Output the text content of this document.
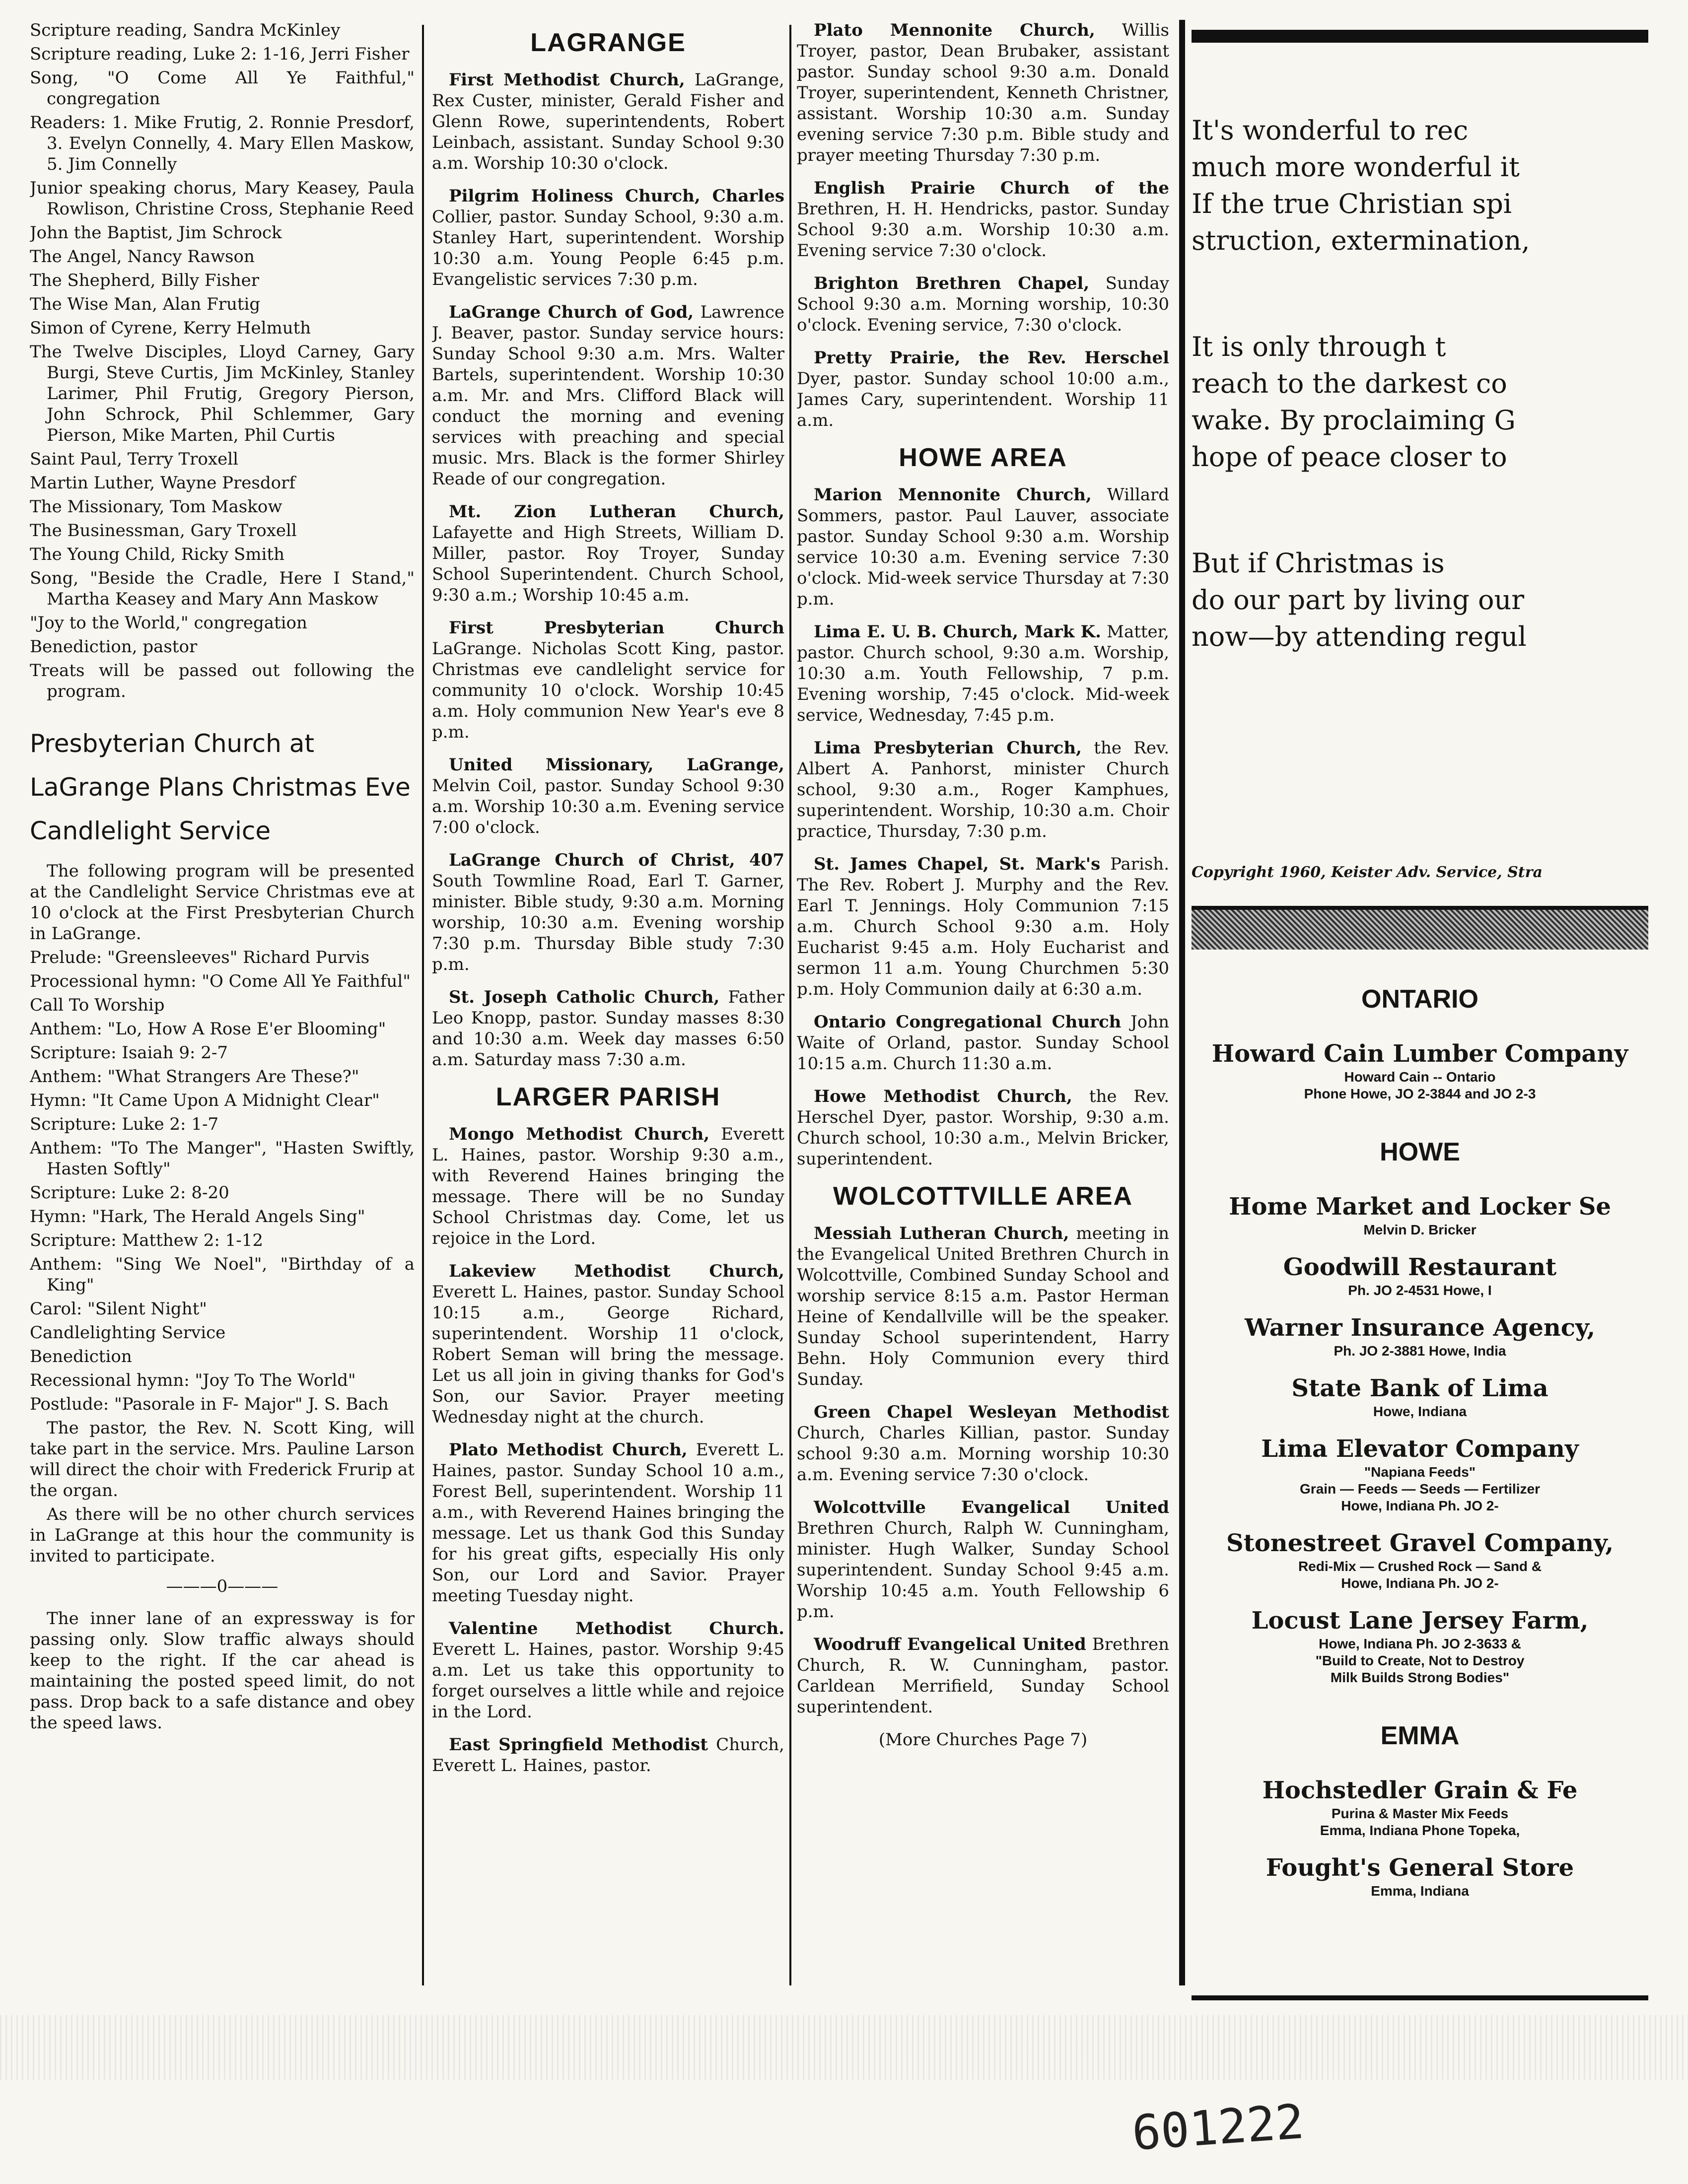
Scripture reading, Sandra McKinley
Scripture reading, Luke 2: 1-16, Jerri Fisher
Song, "O Come All Ye Faithful," congregation
Readers: 1. Mike Frutig, 2. Ronnie Presdorf, 3. Evelyn Connelly, 4. Mary Ellen Maskow, 5. Jim Connelly
Junior speaking chorus, Mary Keasey, Paula Rowlison, Christine Cross, Stephanie Reed
John the Baptist, Jim Schrock
The Angel, Nancy Rawson
The Shepherd, Billy Fisher
The Wise Man, Alan Frutig
Simon of Cyrene, Kerry Helmuth
The Twelve Disciples, Lloyd Carney, Gary Burgi, Steve Curtis, Jim McKinley, Stanley Larimer, Phil Frutig, Gregory Pierson, John Schrock, Phil Schlemmer, Gary Pierson, Mike Marten, Phil Curtis
Saint Paul, Terry Troxell
Martin Luther, Wayne Presdorf
The Missionary, Tom Maskow
The Businessman, Gary Troxell
The Young Child, Ricky Smith
Song, "Beside the Cradle, Here I Stand," Martha Keasey and Mary Ann Maskow
"Joy to the World," congregation
Benediction, pastor
Treats will be passed out following the program.
Presbyterian Church at LaGrange Plans Christmas Eve Candlelight Service
The following program will be presented at the Candlelight Service Christmas eve at 10 o'clock at the First Presbyterian Church in LaGrange.
Prelude: "Greensleeves" Richard Purvis
Processional hymn: "O Come All Ye Faithful"
Call To Worship
Anthem: "Lo, How A Rose E'er Blooming"
Scripture: Isaiah 9: 2-7
Anthem: "What Strangers Are These?"
Hymn: "It Came Upon A Midnight Clear"
Scripture: Luke 2: 1-7
Anthem: "To The Manger", "Hasten Swiftly, Hasten Softly"
Scripture: Luke 2: 8-20
Hymn: "Hark, The Herald Angels Sing"
Scripture: Matthew 2: 1-12
Anthem: "Sing We Noel", "Birthday of a King"
Carol: "Silent Night"
Candlelighting Service
Benediction
Recessional hymn: "Joy To The World"
Postlude: "Pasorale in F- Major" J. S. Bach
The pastor, the Rev. N. Scott King, will take part in the service. Mrs. Pauline Larson will direct the choir with Frederick Frurip at the organ.
As there will be no other church services in LaGrange at this hour the community is invited to participate.
———0———
The inner lane of an expressway is for passing only. Slow traffic always should keep to the right. If the car ahead is maintaining the posted speed limit, do not pass. Drop back to a safe distance and obey the speed laws.
LAGRANGE
First Methodist Church, LaGrange, Rex Custer, minister, Gerald Fisher and Glenn Rowe, superintendents, Robert Leinbach, assistant. Sunday School 9:30 a.m. Worship 10:30 o'clock.
Pilgrim Holiness Church, Charles Collier, pastor. Sunday School, 9:30 a.m. Stanley Hart, superintendent. Worship 10:30 a.m. Young People 6:45 p.m. Evangelistic services 7:30 p.m.
LaGrange Church of God, Lawrence J. Beaver, pastor. Sunday service hours: Sunday School 9:30 a.m. Mrs. Walter Bartels, superintendent. Worship 10:30 a.m. Mr. and Mrs. Clifford Black will conduct the morning and evening services with preaching and special music. Mrs. Black is the former Shirley Reade of our congregation.
Mt. Zion Lutheran Church, Lafayette and High Streets, William D. Miller, pastor. Roy Troyer, Sunday School Superintendent. Church School, 9:30 a.m.; Worship 10:45 a.m.
First Presbyterian Church LaGrange. Nicholas Scott King, pastor. Christmas eve candlelight service for community 10 o'clock. Worship 10:45 a.m. Holy communion New Year's eve 8 p.m.
United Missionary, LaGrange, Melvin Coil, pastor. Sunday School 9:30 a.m. Worship 10:30 a.m. Evening service 7:00 o'clock.
LaGrange Church of Christ, 407 South Towmline Road, Earl T. Garner, minister. Bible study, 9:30 a.m. Morning worship, 10:30 a.m. Evening worship 7:30 p.m. Thursday Bible study 7:30 p.m.
St. Joseph Catholic Church, Father Leo Knopp, pastor. Sunday masses 8:30 and 10:30 a.m. Week day masses 6:50 a.m. Saturday mass 7:30 a.m.
LARGER PARISH
Mongo Methodist Church, Everett L. Haines, pastor. Worship 9:30 a.m., with Reverend Haines bringing the message. There will be no Sunday School Christmas day. Come, let us rejoice in the Lord.
Lakeview Methodist Church, Everett L. Haines, pastor. Sunday School 10:15 a.m., George Richard, superintendent. Worship 11 o'clock, Robert Seman will bring the message. Let us all join in giving thanks for God's Son, our Savior. Prayer meeting Wednesday night at the church.
Plato Methodist Church, Everett L. Haines, pastor. Sunday School 10 a.m., Forest Bell, superintendent. Worship 11 a.m., with Reverend Haines bringing the message. Let us thank God this Sunday for his great gifts, especially His only Son, our Lord and Savior. Prayer meeting Tuesday night.
Valentine Methodist Church. Everett L. Haines, pastor. Worship 9:45 a.m. Let us take this opportunity to forget ourselves a little while and rejoice in the Lord.
East Springfield Methodist Church, Everett L. Haines, pastor.
Plato Mennonite Church, Willis Troyer, pastor, Dean Brubaker, assistant pastor. Sunday school 9:30 a.m. Donald Troyer, superintendent, Kenneth Christner, assistant. Worship 10:30 a.m. Sunday evening service 7:30 p.m. Bible study and prayer meeting Thursday 7:30 p.m.
English Prairie Church of the Brethren, H. H. Hendricks, pastor. Sunday School 9:30 a.m. Worship 10:30 a.m. Evening service 7:30 o'clock.
Brighton Brethren Chapel, Sunday School 9:30 a.m. Morning worship, 10:30 o'clock. Evening service, 7:30 o'clock.
Pretty Prairie, the Rev. Herschel Dyer, pastor. Sunday school 10:00 a.m., James Cary, superintendent. Worship 11 a.m.
HOWE AREA
Marion Mennonite Church, Willard Sommers, pastor. Paul Lauver, associate pastor. Sunday School 9:30 a.m. Worship service 10:30 a.m. Evening service 7:30 o'clock. Mid-week service Thursday at 7:30 p.m.
Lima E. U. B. Church, Mark K. Matter, pastor. Church school, 9:30 a.m. Worship, 10:30 a.m. Youth Fellowship, 7 p.m. Evening worship, 7:45 o'clock. Mid-week service, Wednesday, 7:45 p.m.
Lima Presbyterian Church, the Rev. Albert A. Panhorst, minister Church school, 9:30 a.m., Roger Kamphues, superintendent. Worship, 10:30 a.m. Choir practice, Thursday, 7:30 p.m.
St. James Chapel, St. Mark's Parish. The Rev. Robert J. Murphy and the Rev. Earl T. Jennings. Holy Communion 7:15 a.m. Church School 9:30 a.m. Holy Eucharist 9:45 a.m. Holy Eucharist and sermon 11 a.m. Young Churchmen 5:30 p.m. Holy Communion daily at 6:30 a.m.
Ontario Congregational Church John Waite of Orland, pastor. Sunday School 10:15 a.m. Church 11:30 a.m.
Howe Methodist Church, the Rev. Herschel Dyer, pastor. Worship, 9:30 a.m. Church school, 10:30 a.m., Melvin Bricker, superintendent.
WOLCOTTVILLE AREA
Messiah Lutheran Church, meeting in the Evangelical United Brethren Church in Wolcottville, Combined Sunday School and worship service 8:15 a.m. Pastor Herman Heine of Kendallville will be the speaker. Sunday School superintendent, Harry Behn. Holy Communion every third Sunday.
Green Chapel Wesleyan Methodist Church, Charles Killian, pastor. Sunday school 9:30 a.m. Morning worship 10:30 a.m. Evening service 7:30 o'clock.
Wolcottville Evangelical United Brethren Church, Ralph W. Cunningham, minister. Hugh Walker, Sunday School superintendent. Sunday School 9:45 a.m. Worship 10:45 a.m. Youth Fellowship 6 p.m.
Woodruff Evangelical United Brethren Church, R. W. Cunningham, pastor. Carldean Merrifield, Sunday School superintendent.
(More Churches Page 7)
It's wonderful to rec
much more wonderful it
If the true Christian spi
struction, extermination,
It is only through t
reach to the darkest co
wake. By proclaiming G
hope of peace closer to
But if Christmas is
do our part by living our
now—by attending regul
Copyright 1960, Keister Adv. Service, Stra
ONTARIO
Howard Cain Lumber Company
Howard Cain -- Ontario
Phone Howe, JO 2-3844 and JO 2-3
HOWE
Home Market and Locker Se
Melvin D. Bricker
Goodwill Restaurant
Ph. JO 2-4531 Howe, I
Warner Insurance Agency,
Ph. JO 2-3881 Howe, India
State Bank of Lima
Howe, Indiana
Lima Elevator Company
"Napiana Feeds"
Grain — Feeds — Seeds — Fertilizer
Howe, Indiana Ph. JO 2-
Stonestreet Gravel Company,
Redi-Mix — Crushed Rock — Sand &
Howe, Indiana Ph. JO 2-
Locust Lane Jersey Farm,
Howe, Indiana Ph. JO 2-3633 &
"Build to Create, Not to Destroy
Milk Builds Strong Bodies"
EMMA
Hochstedler Grain & Fe
Purina & Master Mix Feeds
Emma, Indiana Phone Topeka,
Fought's General Store
Emma, Indiana
601222
